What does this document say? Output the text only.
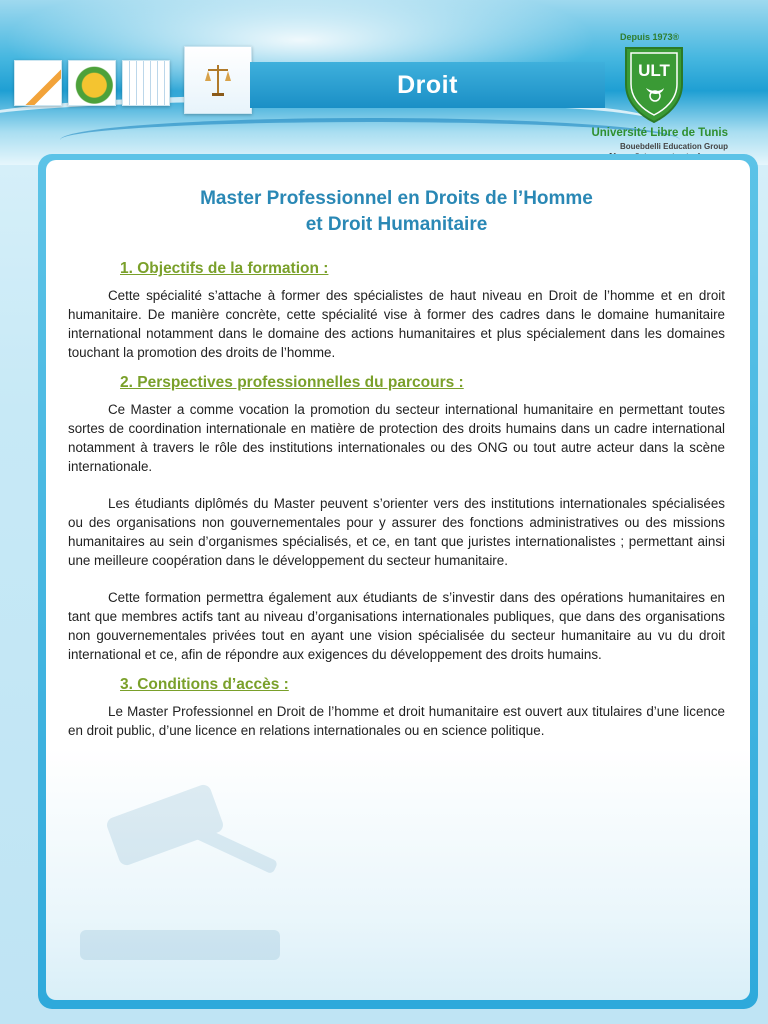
Droit
Depuis 1973®
ULT
Université Libre de Tunis
Bouebdelli Education Group
Master Professionnel en Droits de l’Homme
et Droit Humanitaire
1. Objectifs de la formation :

Cette spécialité s’attache à former des spécialistes de haut niveau en Droit de l’homme et en droit humanitaire. De manière concrète, cette spécialité vise à former des cadres dans le domaine humanitaire international notamment dans le domaine des actions humanitaires et plus spécialement dans les domaines touchant la promotion des droits de l’homme.

2. Perspectives professionnelles du parcours :

Ce Master a comme vocation la promotion du secteur international humanitaire en permettant toutes sortes de coordination internationale en matière de protection des droits humains dans un cadre international notamment à travers le rôle des institutions internationales ou des ONG ou tout autre acteur dans la scène internationale.

Les étudiants diplômés du Master peuvent s’orienter vers des institutions internationales spécialisées ou des organisations non gouvernementales pour y assurer des fonctions administratives ou des missions humanitaires au sein d’organismes spécialisés, et ce, en tant que juristes internationalistes ; permettant ainsi une meilleure coopération dans le développement du secteur humanitaire.

Cette formation permettra également aux étudiants de s’investir dans des opérations humanitaires en tant que membres actifs tant au niveau d’organisations internationales publiques, que dans des organisations non gouvernementales privées tout en ayant une vision spécialisée du secteur humanitaire au vu du droit international et ce, afin de répondre aux exigences du développement des droits humains.

3. Conditions d’accès :

Le Master Professionnel en Droit de l’homme et droit humanitaire est ouvert aux titulaires d’une licence en droit public, d’une licence en relations internationales ou en science politique.
